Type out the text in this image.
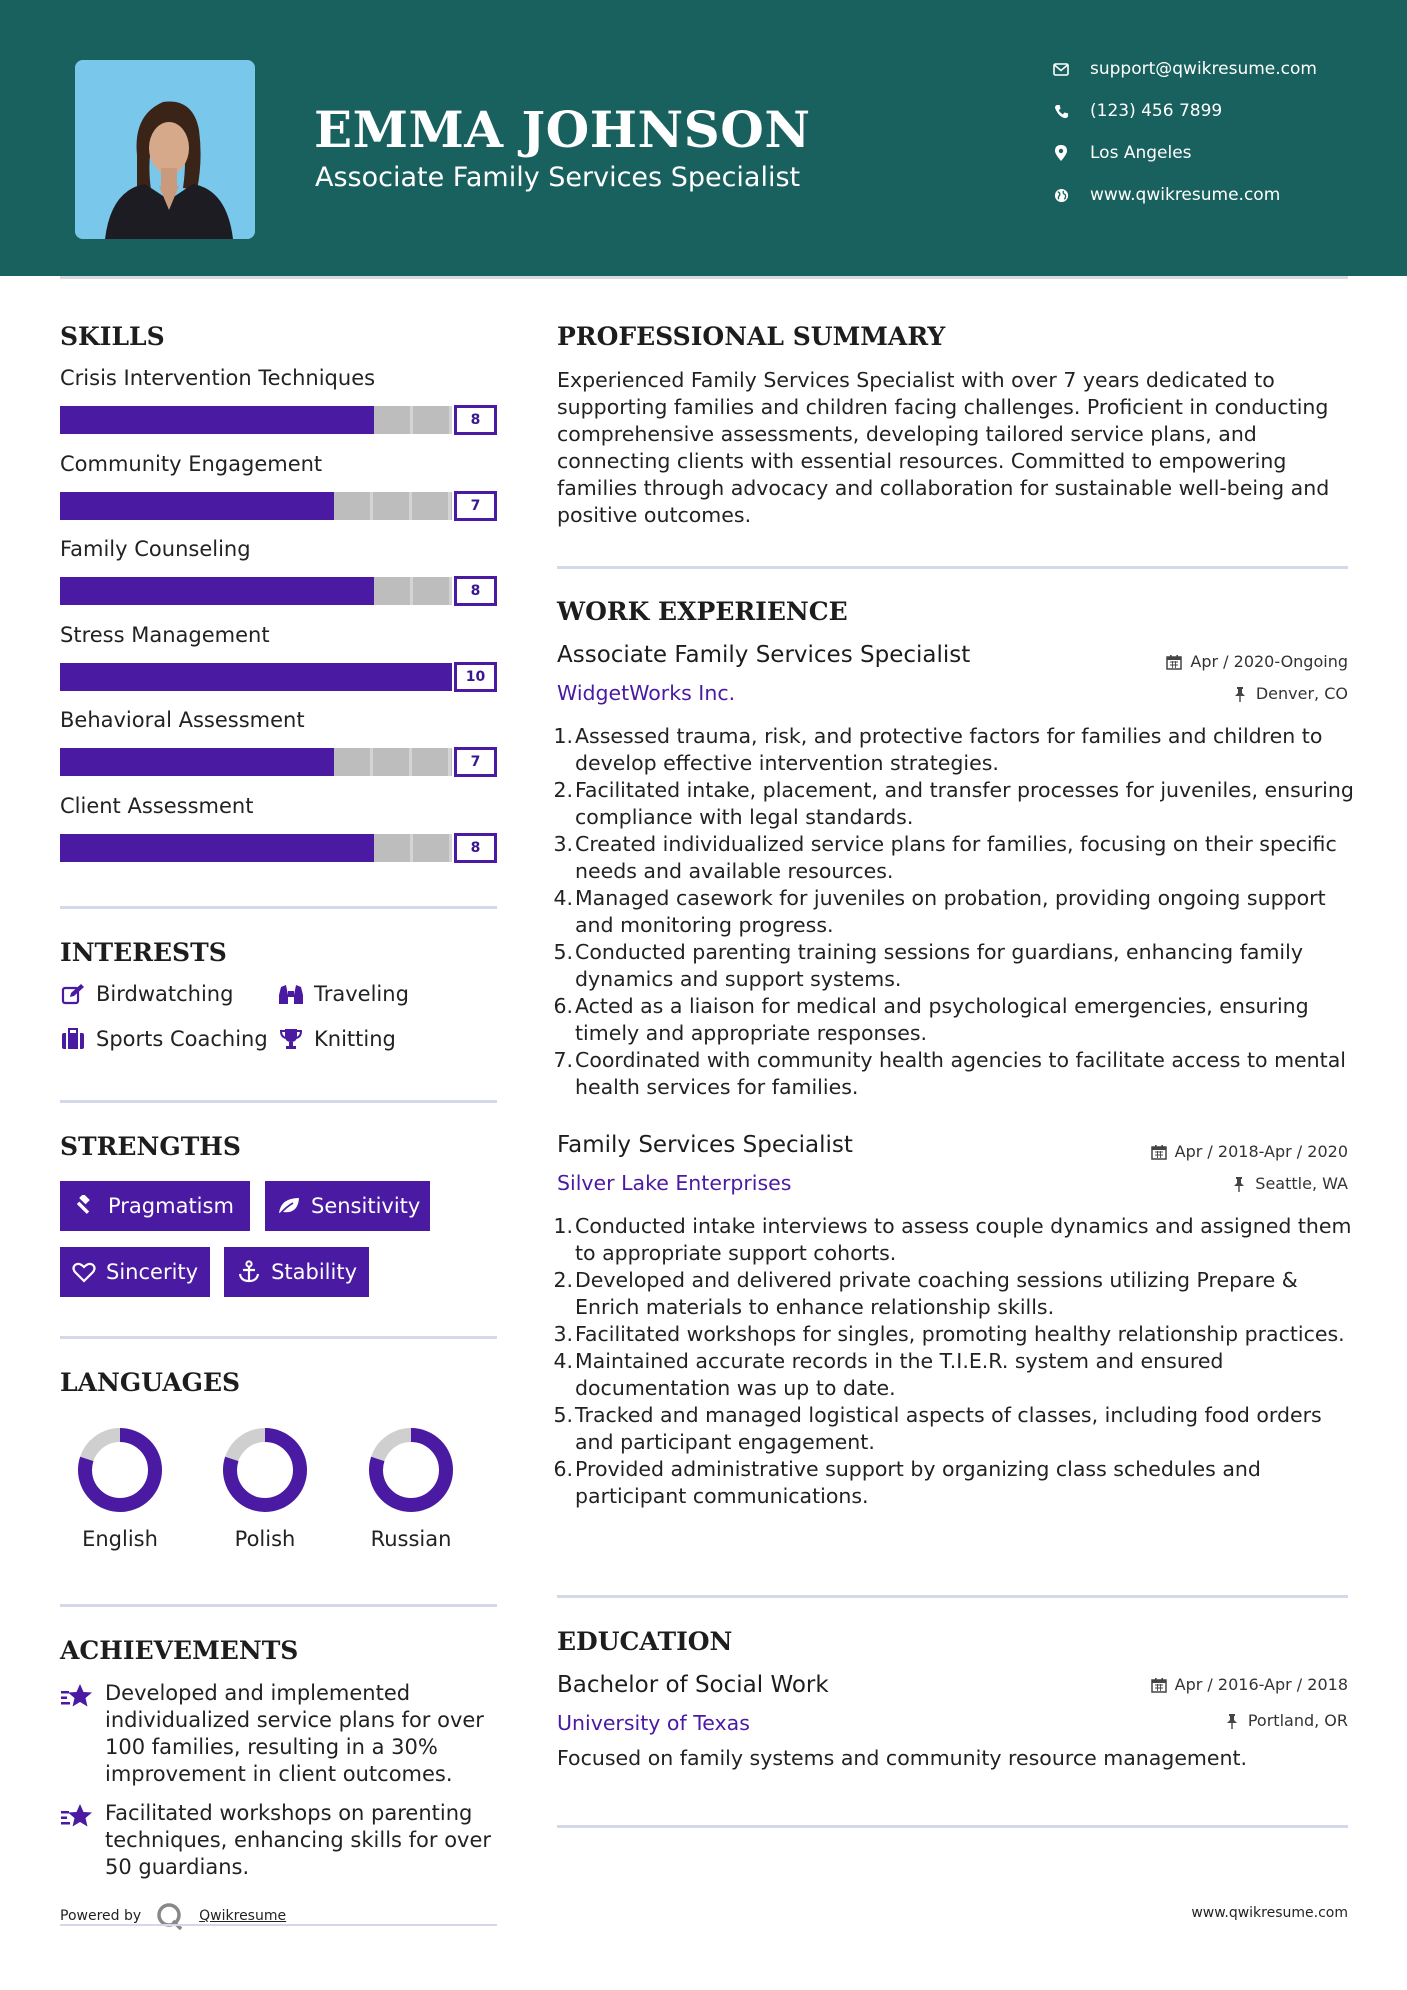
EMMA JOHNSON
Associate Family Services Specialist
support@qwikresume.com
(123) 456 7899
Los Angeles
www.qwikresume.com
SKILLS
Crisis Intervention Techniques
8
Community Engagement
7
Family Counseling
8
Stress Management
10
Behavioral Assessment
7
Client Assessment
8
INTERESTS
Birdwatching	Traveling
Sports Coaching Knitting
STRENGTHS
Pragmatism	Sensitivity
Sincerity	Stability
LANGUAGES
English	Polish	Russian
ACHIEVEMENTS
Developed and implemented individualized service plans for over 100 families, resulting in a 30% improvement in client outcomes.
Facilitated workshops on parenting techniques, enhancing skills for over 50 guardians.
PROFESSIONAL SUMMARY
Experienced Family Services Specialist with over 7 years dedicated to supporting families and children facing challenges. Proficient in conducting comprehensive assessments, developing tailored service plans, and connecting clients with essential resources. Committed to empowering families through advocacy and collaboration for sustainable well-being and positive outcomes.
WORK EXPERIENCE
Associate Family Services Specialist
WidgetWorks Inc.
Apr / 2020-Ongoing
Denver, CO
1. Assessed trauma, risk, and protective factors for families and children to develop effective intervention strategies.
2. Facilitated intake, placement, and transfer processes for juveniles, ensuring compliance with legal standards.
3. Created individualized service plans for families, focusing on their specific needs and available resources.
4. Managed casework for juveniles on probation, providing ongoing support and monitoring progress.
5. Conducted parenting training sessions for guardians, enhancing family dynamics and support systems.
6. Acted as a liaison for medical and psychological emergencies, ensuring timely and appropriate responses.
7. Coordinated with community health agencies to facilitate access to mental health services for families.
Family Services Specialist
Silver Lake Enterprises
Apr / 2018-Apr / 2020
Seattle, WA
1. Conducted intake interviews to assess couple dynamics and assigned them to appropriate support cohorts.
2. Developed and delivered private coaching sessions utilizing Prepare & Enrich materials to enhance relationship skills.
3. Facilitated workshops for singles, promoting healthy relationship practices.
4. Maintained accurate records in the T.I.E.R. system and ensured documentation was up to date.
5. Tracked and managed logistical aspects of classes, including food orders and participant engagement.
6. Provided administrative support by organizing class schedules and participant communications.
EDUCATION
Bachelor of Social Work
University of Texas
Apr / 2016-Apr / 2018
Portland, OR
Focused on family systems and community resource management.
Powered by	Qwikresume	www.qwikresume.com
